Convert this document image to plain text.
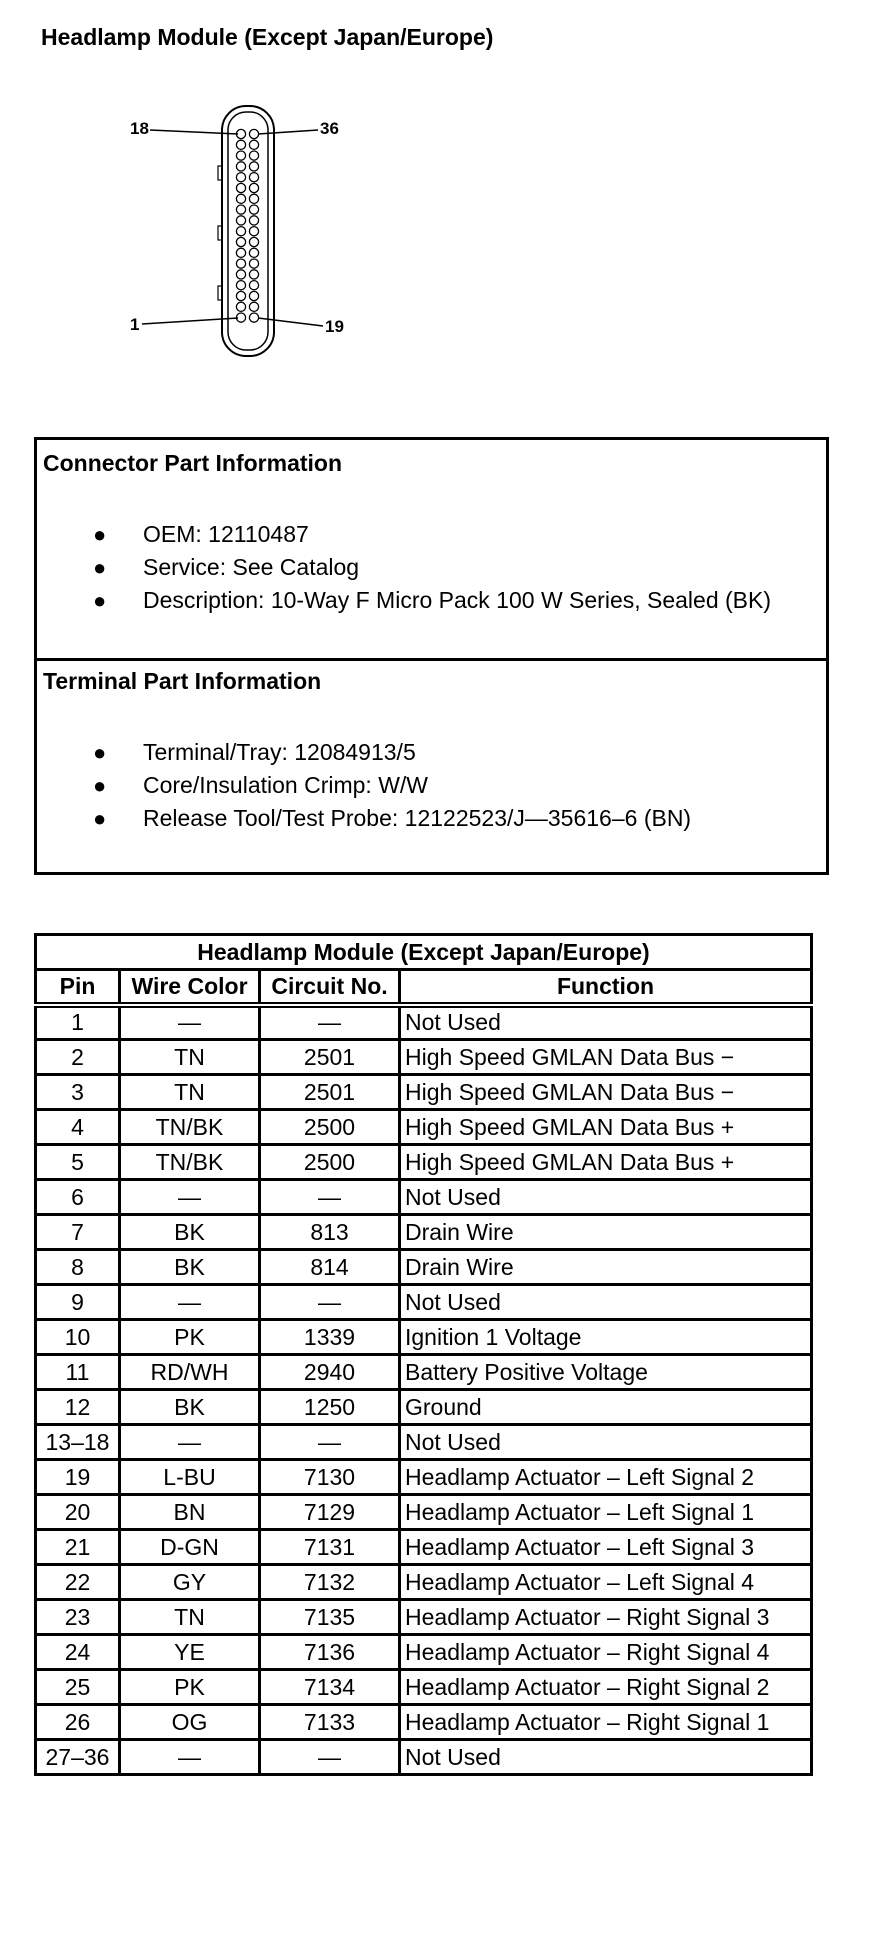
Headlamp Module (Except Japan/Europe)
18	36
1	19
Connector Part Information
● OEM: 12110487
● Service: See Catalog
● Description: 10-Way F Micro Pack 100 W Series, Sealed (BK)
Terminal Part Information
● Terminal/Tray: 12084913/5
● Core/Insulation Crimp: W/W
● Release Tool/Test Probe: 12122523/J—35616–6 (BN)
Headlamp Module (Except Japan/Europe)			
Pin	Wire Color	Circuit No.	Function
1	—	—	Not Used
2	TN	2501	High Speed GMLAN Data Bus −
3	TN	2501	High Speed GMLAN Data Bus −
4	TN/BK	2500	High Speed GMLAN Data Bus +
5	TN/BK	2500	High Speed GMLAN Data Bus +
6	—	—	Not Used
7	BK	813	Drain Wire
8	BK	814	Drain Wire
9	—	—	Not Used
10	PK	1339	Ignition 1 Voltage
11	RD/WH	2940	Battery Positive Voltage
12	BK	1250	Ground
13–18	—	—	Not Used
19	L-BU	7130	Headlamp Actuator – Left Signal 2
20	BN	7129	Headlamp Actuator – Left Signal 1
21	D-GN	7131	Headlamp Actuator – Left Signal 3
22	GY	7132	Headlamp Actuator – Left Signal 4
23	TN	7135	Headlamp Actuator – Right Signal 3
24	YE	7136	Headlamp Actuator – Right Signal 4
25	PK	7134	Headlamp Actuator – Right Signal 2
26	OG	7133	Headlamp Actuator – Right Signal 1
27–36	—	—	Not Used
